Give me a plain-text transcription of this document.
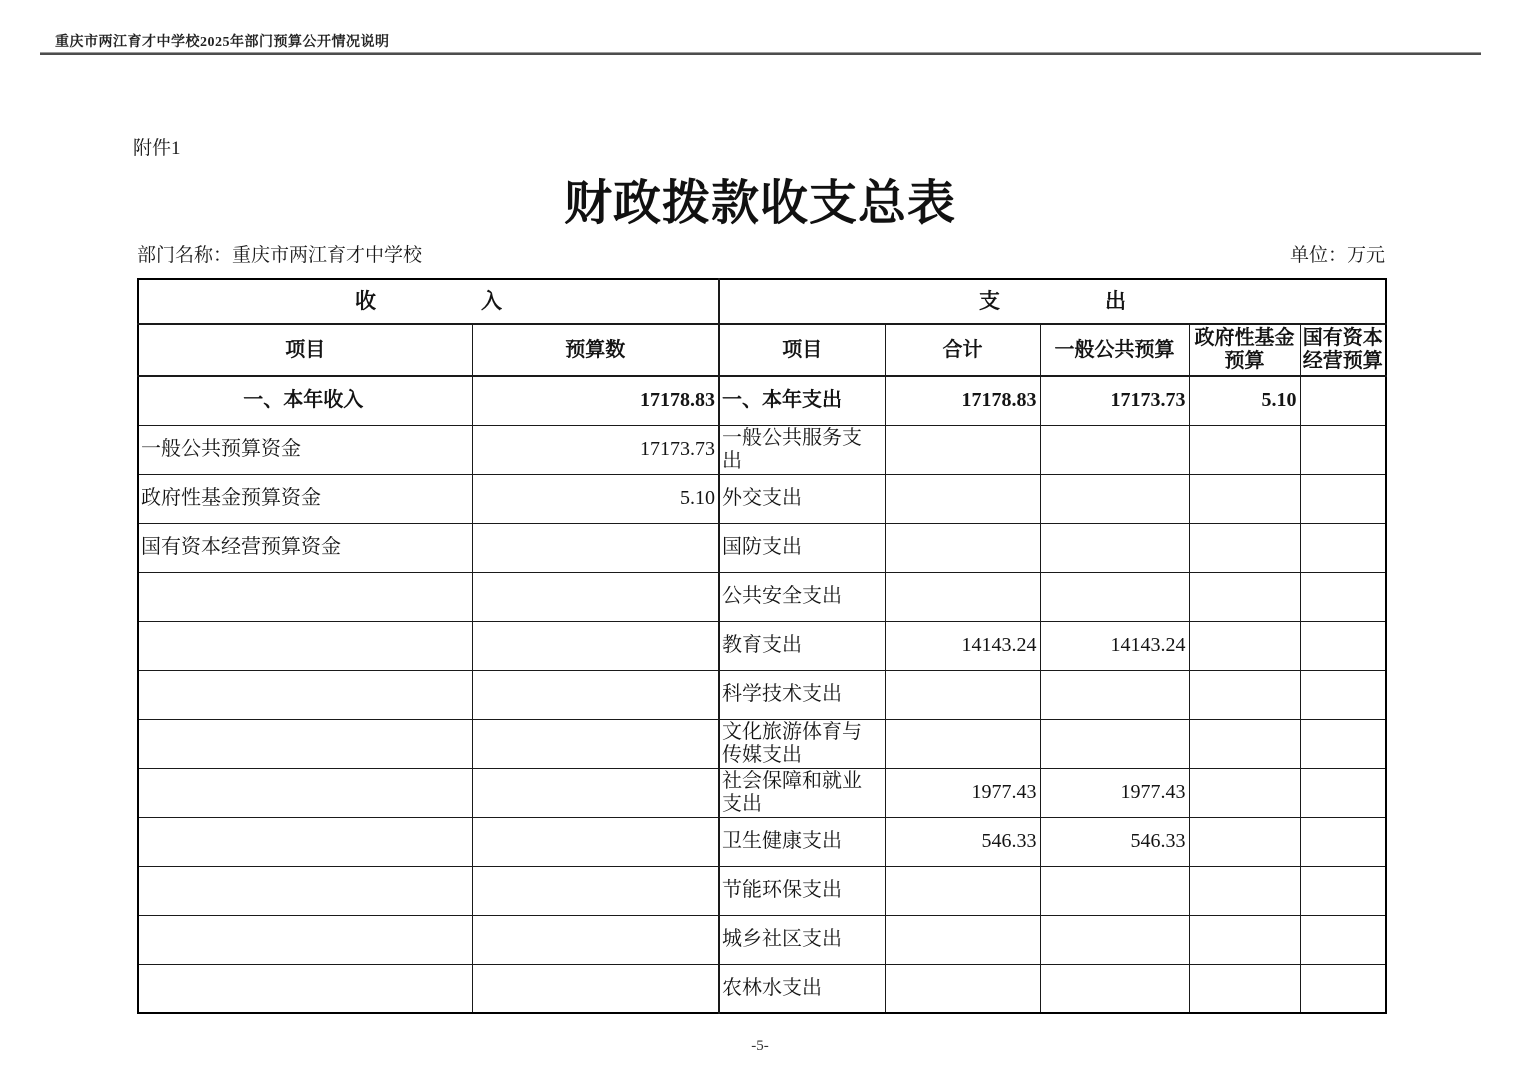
重庆市两江育才中学校2025年部门预算公开情况说明
附件1
财政拨款收支总表
部门名称：重庆市两江育才中学校	单位：万元
收　　　　　入		支　　　　　出				
项目	预算数	项目	合计	一般公共预算	政府性基金预算	国有资本经营预算
一、本年收入	17178.83	一、本年支出	17178.83	17173.73	5.10	
一般公共预算资金	17173.73	一般公共服务支出				
政府性基金预算资金	5.10	外交支出				
国有资本经营预算资金		国防支出				
		公共安全支出				
		教育支出	14143.24	14143.24		
		科学技术支出				
		文化旅游体育与传媒支出				
		社会保障和就业支出	1977.43	1977.43		
		卫生健康支出	546.33	546.33		
		节能环保支出				
		城乡社区支出				
		农林水支出				
-5-
